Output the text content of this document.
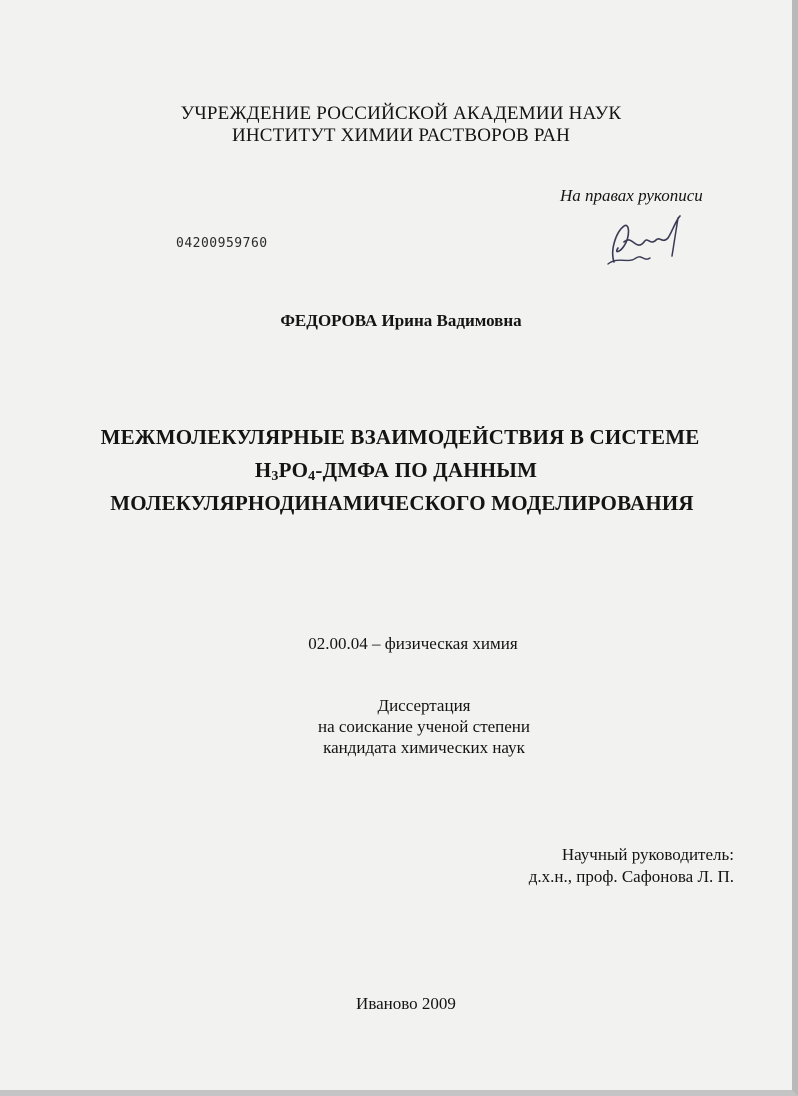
УЧРЕЖДЕНИЕ РОССИЙСКОЙ АКАДЕМИИ НАУК
ИНСТИТУТ ХИМИИ РАСТВОРОВ РАН
На правах рукописи
04200959760
ФЕДОРОВА Ирина Вадимовна
МЕЖМОЛЕКУЛЯРНЫЕ ВЗАИМОДЕЙСТВИЯ В СИСТЕМЕ
$H_3PO_4$-ДМФА ПО ДАННЫМ
МОЛЕКУЛЯРНОДИНАМИЧЕСКОГО МОДЕЛИРОВАНИЯ
02.00.04 – физическая химия
Диссертация
на соискание ученой степени
кандидата химических наук
Научный руководитель:
д.х.н., проф. Сафонова Л. П.
Иваново 2009
